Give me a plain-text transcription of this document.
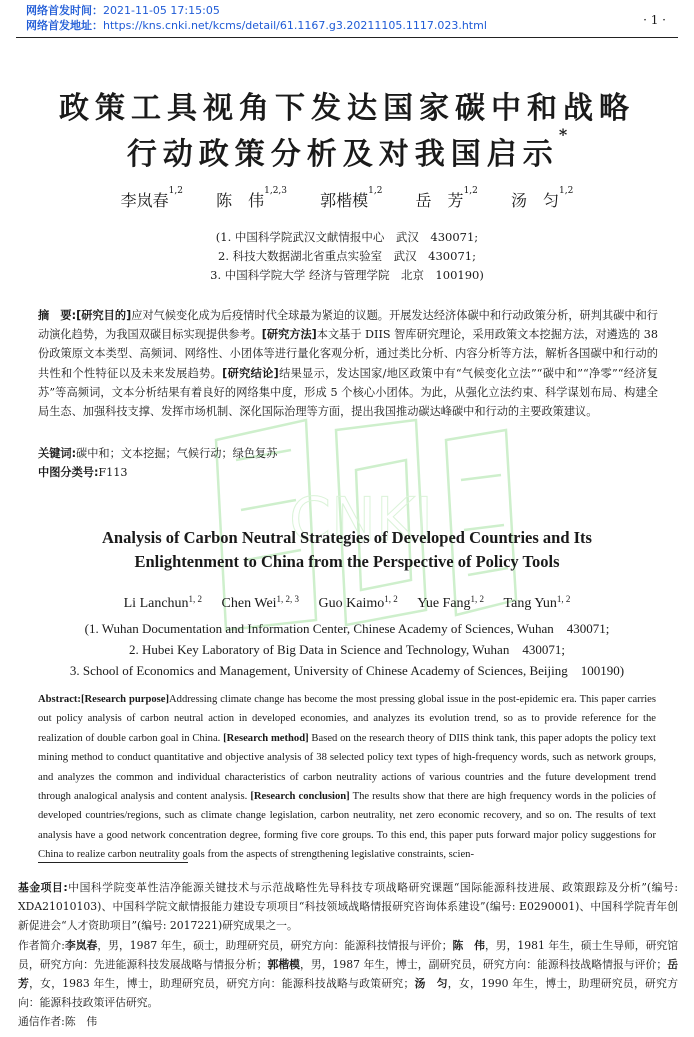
网络首发时间：2021-11-05 17:15:05
网络首发地址：https://kns.cnki.net/kcms/detail/61.1167.g3.20211105.1117.023.html	· 1 ·
CNKI
政策工具视角下发达国家碳中和战略
行动政策分析及对我国启示*
李岚春$^{1,2}$ 陈　伟$^{1,2,3}$ 郭楷模$^{1,2}$ 岳　芳$^{1,2}$ 汤　匀$^{1,2}$
(1. 中国科学院武汉文献情报中心　武汉　430071;
2. 科技大数据湖北省重点实验室　武汉　430071;
3. 中国科学院大学 经济与管理学院　北京　100190)
摘　要:[研究目的]应对气候变化成为后疫情时代全球最为紧迫的议题。开展发达经济体碳中和行动政策分析，研判其碳中和行动演化趋势，为我国双碳目标实现提供参考。[研究方法]本文基于 DIIS 智库研究理论，采用政策文本挖掘方法，对遴选的 38 份政策原文本类型、高频词、网络性、小团体等进行量化客观分析，通过类比分析、内容分析等方法，解析各国碳中和行动的共性和个性特征以及未来发展趋势。[研究结论]结果显示，发达国家/地区政策中有“气候变化立法”“碳中和”“净零”“经济复苏”等高频词，文本分析结果有着良好的网络集中度，形成 5 个核心小团体。为此，从强化立法约束、科学谋划布局、构建全局生态、加强科技支撑、发挥市场机制、深化国际治理等方面，提出我国推动碳达峰碳中和行动的主要政策建议。
关键词:碳中和；文本挖掘；气候行动；绿色复苏
中图分类号:F113
Analysis of Carbon Neutral Strategies of Developed Countries and Its
Enlightenment to China from the Perspective of Policy Tools
Li Lanchun$^{1, 2}$ Chen Wei$^{1, 2, 3}$ Guo Kaimo$^{1, 2}$ Yue Fang$^{1, 2}$ Tang Yun$^{1, 2}$
(1. Wuhan Documentation and Information Center, Chinese Academy of Sciences, Wuhan　430071;
2. Hubei Key Laboratory of Big Data in Science and Technology, Wuhan　430071;
3. School of Economics and Management, University of Chinese Academy of Sciences, Beijing　100190)
Abstract:[Research purpose]Addressing climate change has become the most pressing global issue in the post-epidemic era. This paper carries out policy analysis of carbon neutral action in developed economies, and analyzes its evolution trend, so as to provide reference for the realization of double carbon goal in China. [Research method] Based on the research theory of DIIS think tank, this paper adopts the policy text mining method to conduct quantitative and objective analysis of 38 selected policy text types of high-frequency words, such as network groups, and analyzes the common and individual characteristics of carbon neutrality actions of various countries and the future development trend through analogical analysis and content analysis. [Research conclusion] The results show that there are high frequency words in the policies of developed countries/regions, such as climate change legislation, carbon neutrality, net zero economic recovery, and so on. The results of text analysis have a good network concentration degree, forming five core groups. To this end, this paper puts forward major policy suggestions for China to realize carbon neutrality goals from the aspects of strengthening legislative constraints, scien-
基金项目:中国科学院变革性洁净能源关键技术与示范战略性先导科技专项战略研究课题“国际能源科技进展、政策跟踪及分析”(编号: XDA21010103)、中国科学院文献情报能力建设专项项目“科技领域战略情报研究咨询体系建设”(编号: E0290001)、中国科学院青年创新促进会“人才资助项目”(编号: 2017221)研究成果之一。
作者简介:李岚春，男，1987 年生，硕士，助理研究员，研究方向：能源科技情报与评价；陈　伟，男，1981 年生，硕士生导师，研究馆员，研究方向：先进能源科技发展战略与情报分析；郭楷模，男，1987 年生，博士，副研究员，研究方向：能源科技战略情报与评价；岳　芳，女，1983 年生，博士，助理研究员，研究方向：能源科技战略与政策研究；汤　匀，女，1990 年生，博士，助理研究员，研究方向：能源科技政策评估研究。
通信作者:陈　伟
